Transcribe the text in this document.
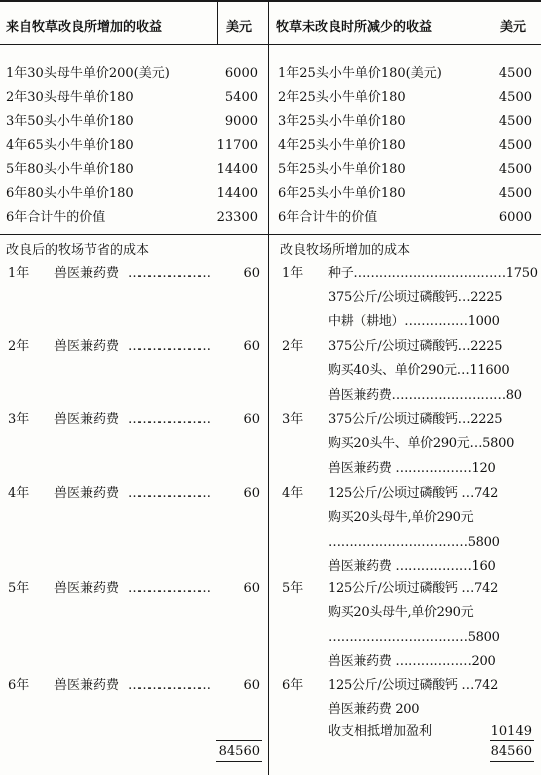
来自牧草改良所增加的收益	美元 牧草未改良时所减少的收益	美元
1年30头母牛单价200(美元)	6000 1年25头小牛单价180(美元)	4500
2年30头母牛单价180	5400 2年25头小牛单价180	4500
3年50头小牛单价180	9000 3年25头小牛单价180	4500
4年65头小牛单价180	11700 4年25头小牛单价180	4500
5年80头小牛单价180	14400 5年25头小牛单价180	4500
6年80头小牛单价180	14400 6年25头小牛单价180	4500
6年合计牛的价值	23300 6年合计牛的价值	6000
改良后的牧场节省的成本
1年 兽医兼药费 ……………………	60
2年 兽医兼药费 ……………………	60
3年 兽医兼药费 ……………………	60
4年 兽医兼药费 ……………………	60
5年 兽医兼药费 ……………………	60
6年 兽医兼药费 ……………………	60
84560
改良牧场所增加的成本
1年 种子………………………………1750
375公斤/公顷过磷酸钙…2225
中耕（耕地）……………1000
2年 375公斤/公顷过磷酸钙…2225
购买40头、单价290元…11600
兽医兼药费………………………80
3年 375公斤/公顷过磷酸钙…2225
购买20头牛、单价290元…5800
兽医兼药费 ………………120
4年 125公斤/公顷过磷酸钙 …742
购买20头母牛,单价290元
……………………………5800
兽医兼药费 ………………160
5年 125公斤/公顷过磷酸钙 …742
购买20头母牛,单价290元
……………………………5800
兽医兼药费 ………………200
6年 125公斤/公顷过磷酸钙 …742
兽医兼药费 200
收支相抵增加盈利	10149
84560
